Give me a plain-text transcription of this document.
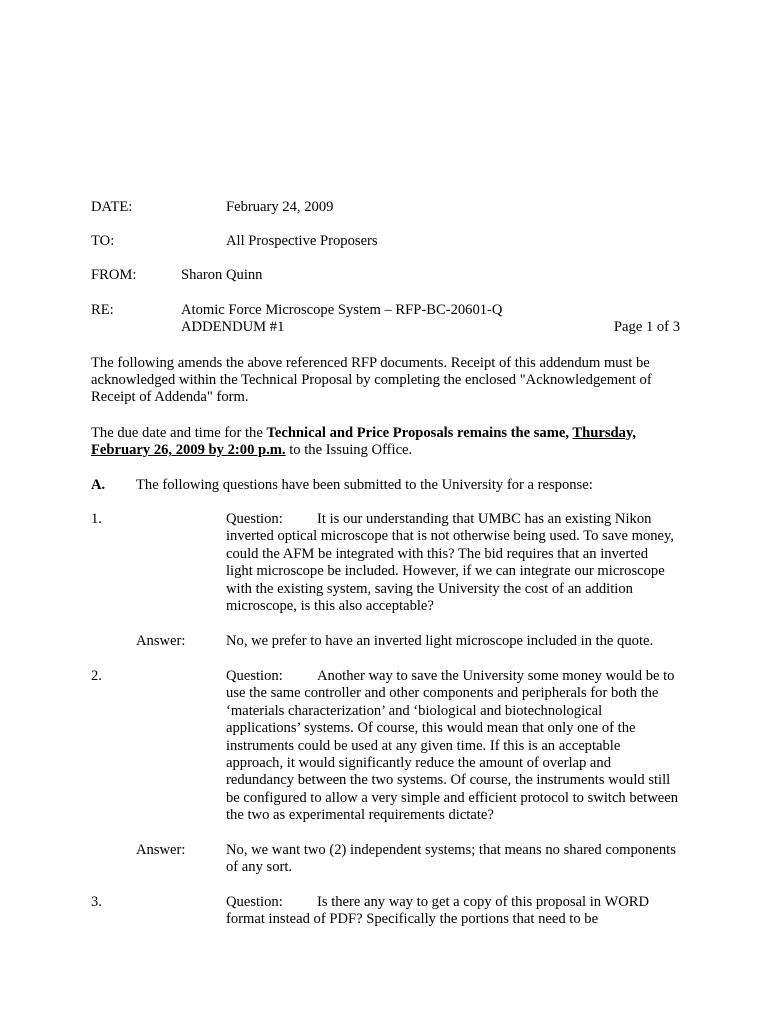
DATE:	February 24, 2009
TO:	All Prospective Proposers
FROM:	Sharon Quinn
RE:	Atomic Force Microscope System – RFP-BC-20601-Q
ADDENDUM #1	Page 1 of 3

The following amends the above referenced RFP documents. Receipt of this addendum must be acknowledged within the Technical Proposal by completing the enclosed "Acknowledgement of Receipt of Addenda" form.

The due date and time for the Technical and Price Proposals remains the same, Thursday, February 26, 2009 by 2:00 p.m. to the Issuing Office.

A. The following questions have been submitted to the University for a response:
1.	Question: It is our understanding that UMBC has an existing Nikon inverted optical microscope that is not otherwise being used. To save money, could the AFM be integrated with this? The bid requires that an inverted light microscope be included. However, if we can integrate our microscope with the existing system, saving the University the cost of an addition microscope, is this also acceptable?

Answer:	No, we prefer to have an inverted light microscope included in the quote.

2.	Question: Another way to save the University some money would be to use the same controller and other components and peripherals for both the ‘materials characterization’ and ‘biological and biotechnological applications’ systems. Of course, this would mean that only one of the instruments could be used at any given time. If this is an acceptable approach, it would significantly reduce the amount of overlap and redundancy between the two systems. Of course, the instruments would still be configured to allow a very simple and efficient protocol to switch between the two as experimental requirements dictate?

Answer:	No, we want two (2) independent systems; that means no shared components of any sort.

3.	Question: Is there any way to get a copy of this proposal in WORD format instead of PDF? Specifically the portions that need to be
